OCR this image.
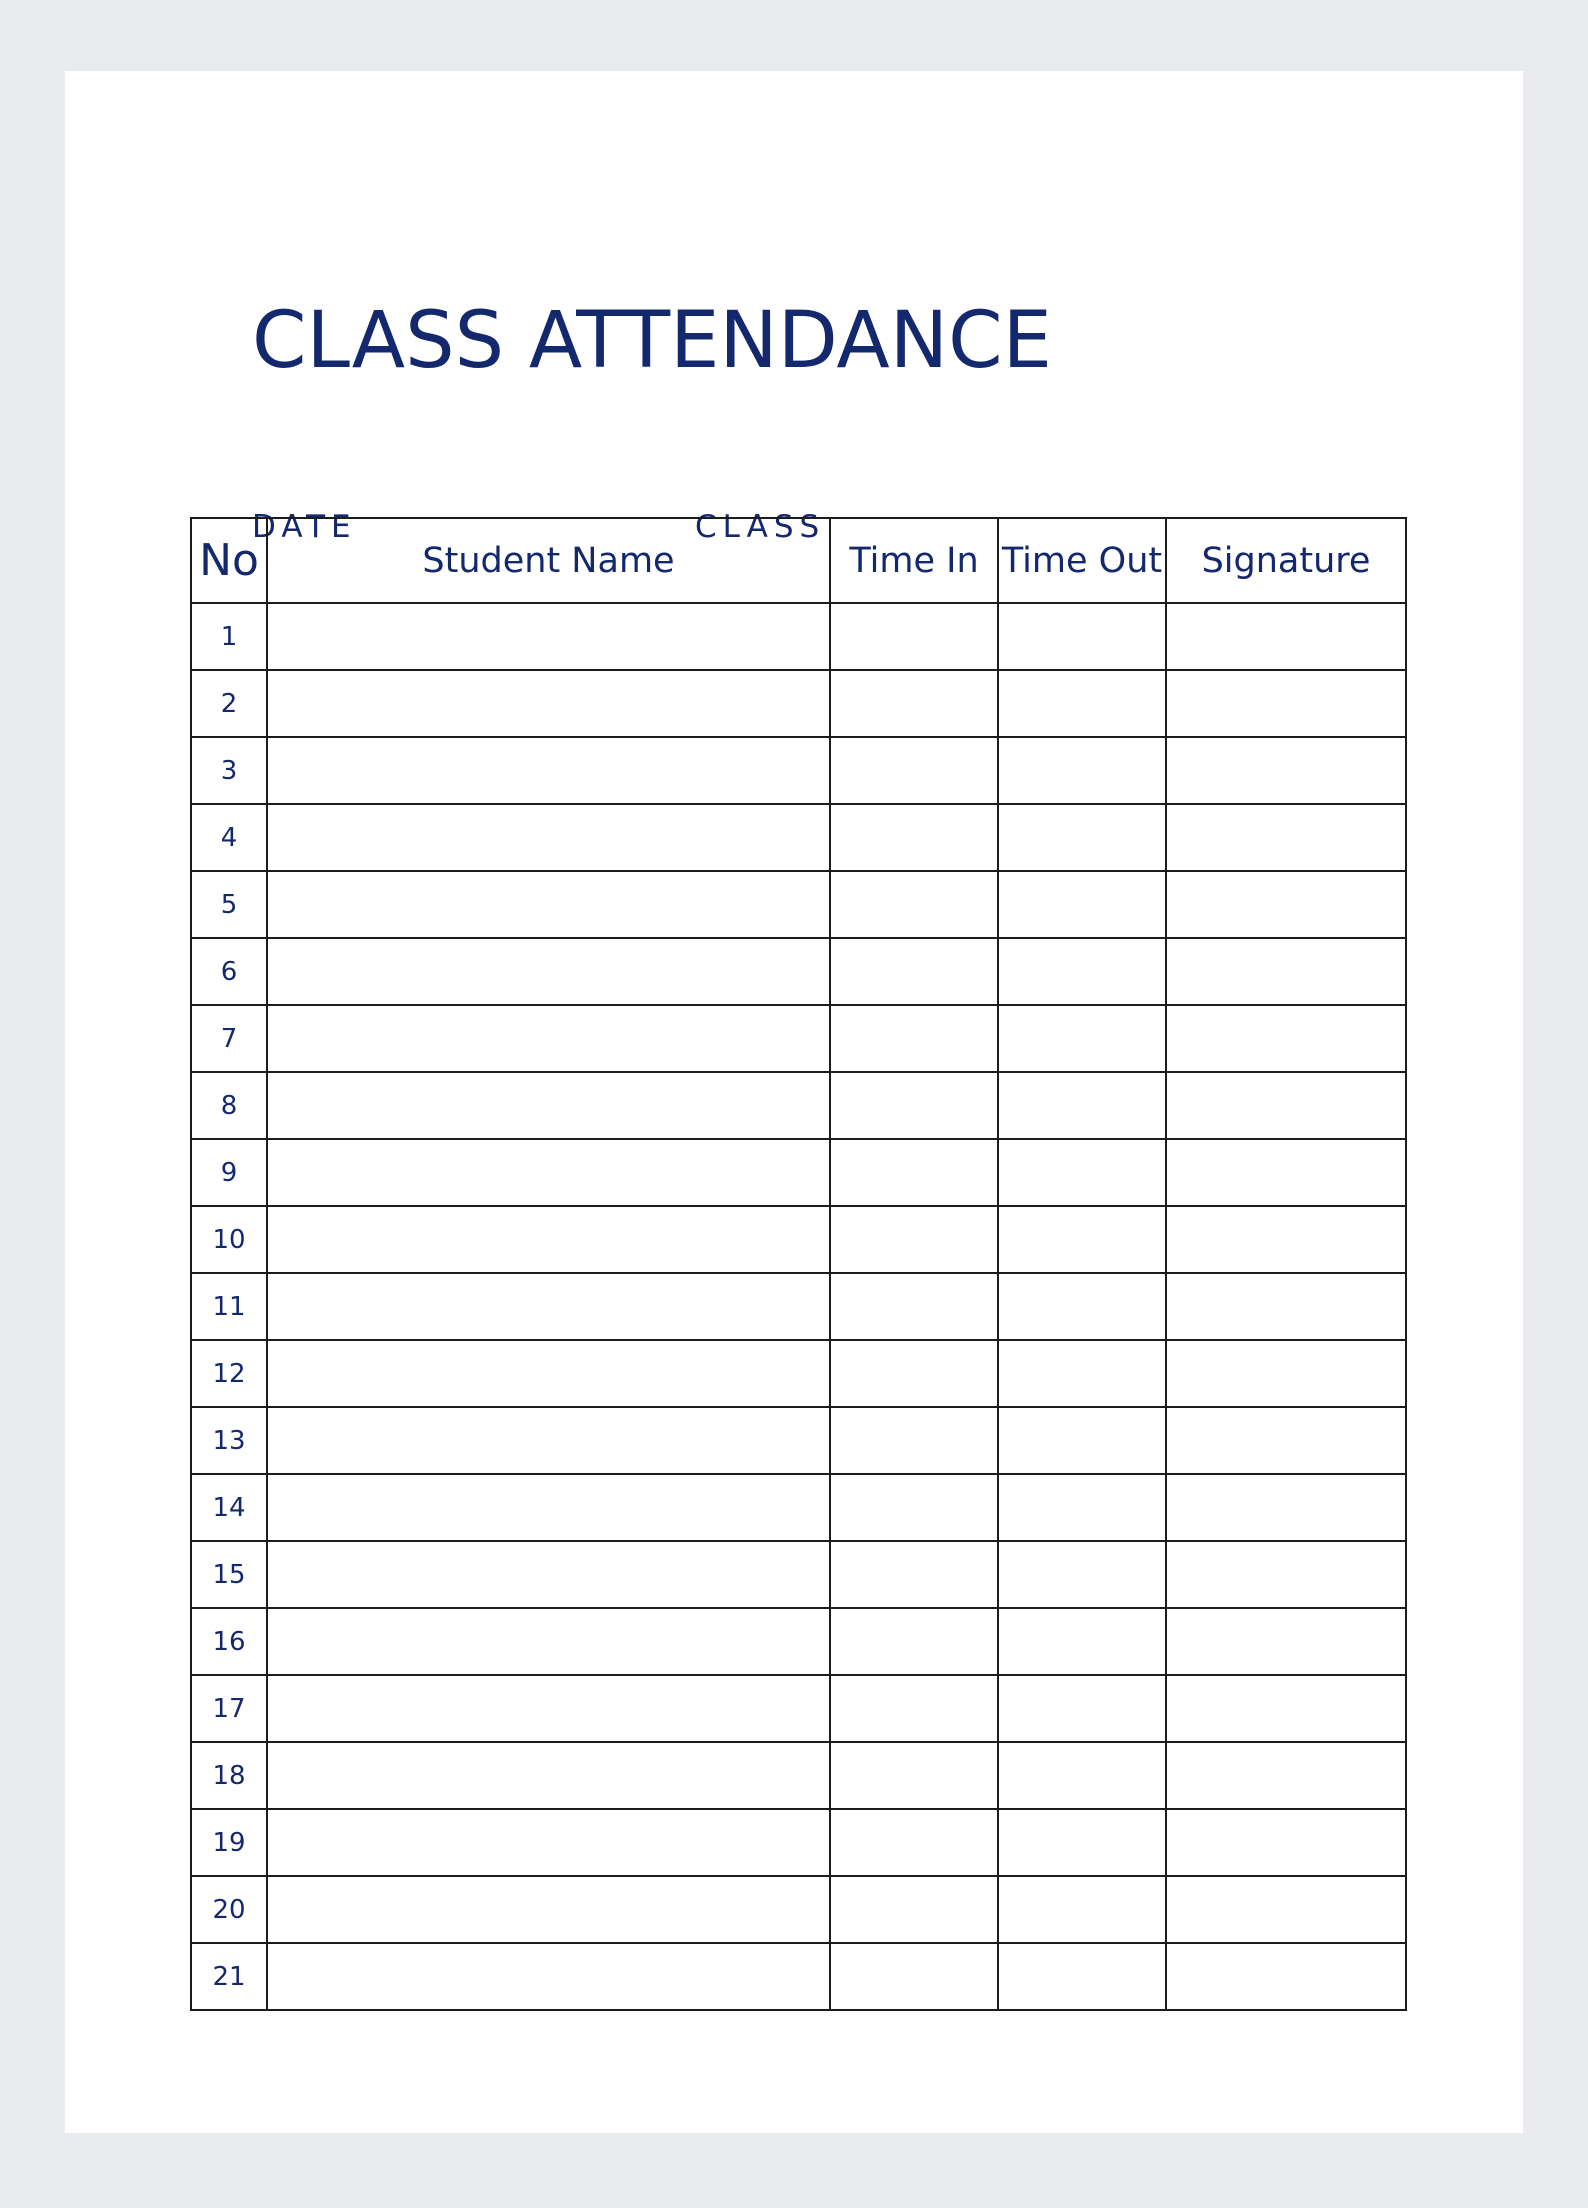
CLASS ATTENDANCE
DATE	CLASS
No	Student Name	Time In	Time Out	Signature
1				
2				
3				
4				
5				
6				
7				
8				
9				
10				
11				
12				
13				
14				
15				
16				
17				
18				
19				
20				
21				
